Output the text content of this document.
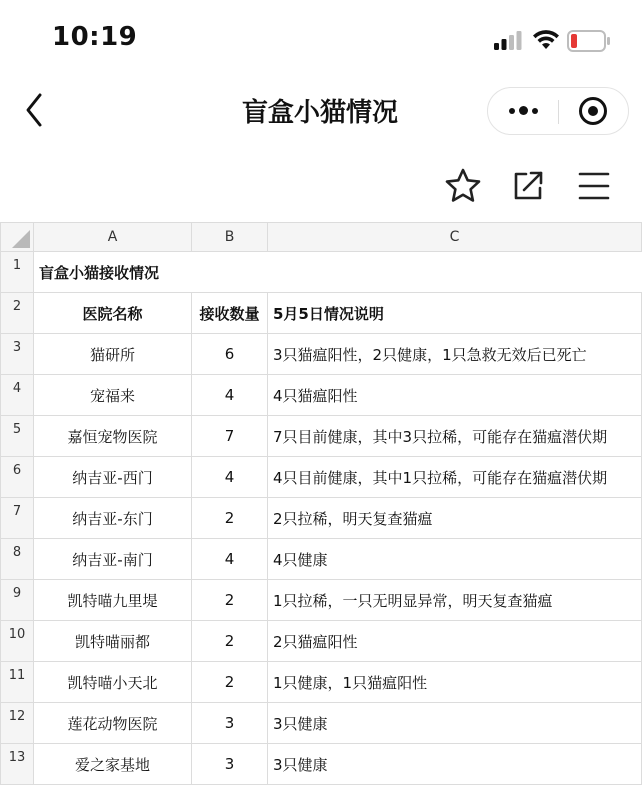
10:19
盲盒小猫情况
	A	B	C
1	盲盒小猫接收情况		
2	医院名称	接收数量	5月5日情况说明
3	猫研所	6	3只猫瘟阳性，2只健康，1只急救无效后已死亡
4	宠福来	4	4只猫瘟阳性
5	嘉恒宠物医院	7	7只目前健康，其中3只拉稀，可能存在猫瘟潜伏期
6	纳吉亚-西门	4	4只目前健康，其中1只拉稀，可能存在猫瘟潜伏期
7	纳吉亚-东门	2	2只拉稀，明天复查猫瘟
8	纳吉亚-南门	4	4只健康
9	凯特喵九里堤	2	1只拉稀，一只无明显异常，明天复查猫瘟
10	凯特喵丽都	2	2只猫瘟阳性
11	凯特喵小天北	2	1只健康，1只猫瘟阳性
12	莲花动物医院	3	3只健康
13	爱之家基地	3	3只健康
